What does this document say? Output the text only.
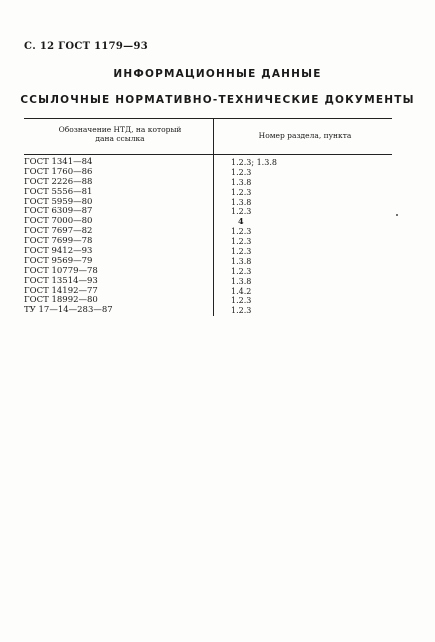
С. 12 ГОСТ 1179—93
ИНФОРМАЦИОННЫЕ ДАННЫЕ
ССЫЛОЧНЫЕ НОРМАТИВНО-ТЕХНИЧЕСКИЕ ДОКУМЕНТЫ
Обозначение НТД, на который
дана ссылка	Номер раздела, пункта
ГОСТ 1341—84	1.2.3; 1.3.8
ГОСТ 1760—86	1.2.3
ГОСТ 2226—88	1.3.8
ГОСТ 5556—81	1.2.3
ГОСТ 5959—80	1.3.8
ГОСТ 6309—87	1.2.3
ГОСТ 7000—80	4
ГОСТ 7697—82	1.2.3
ГОСТ 7699—78	1.2.3
ГОСТ 9412—93	1.2.3
ГОСТ 9569—79	1.3.8
ГОСТ 10779—78	1.2.3
ГОСТ 13514—93	1.3.8
ГОСТ 14192—77	1.4.2
ГОСТ 18992—80	1.2.3
ТУ 17—14—283—87	1.2.3
